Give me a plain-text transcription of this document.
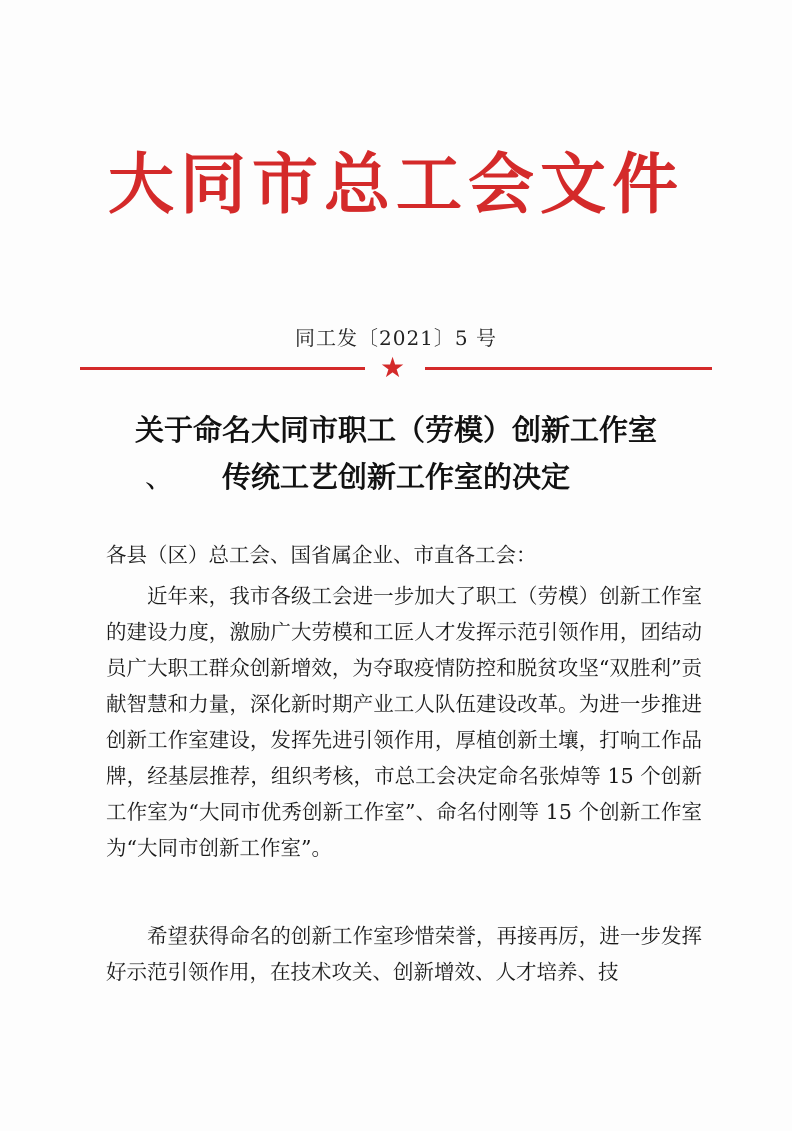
大同市总工会文件
同工发〔2021〕5 号
★
关于命名大同市职工（劳模）创新工作室
、 传统工艺创新工作室的决定

各县（区）总工会、国省属企业、市直各工会：

近年来，我市各级工会进一步加大了职工（劳模）创新工作室的建设力度，激励广大劳模和工匠人才发挥示范引领作用，团结动员广大职工群众创新增效，为夺取疫情防控和脱贫攻坚“双胜利”贡献智慧和力量，深化新时期产业工人队伍建设改革。为进一步推进创新工作室建设，发挥先进引领作用，厚植创新土壤，打响工作品牌，经基层推荐，组织考核，市总工会决定命名张焯等 15 个创新工作室为“大同市优秀创新工作室”、命名付刚等 15 个创新工作室为“大同市创新工作室”。

希望获得命名的创新工作室珍惜荣誉，再接再厉，进一步发挥好示范引领作用，在技术攻关、创新增效、人才培养、技
